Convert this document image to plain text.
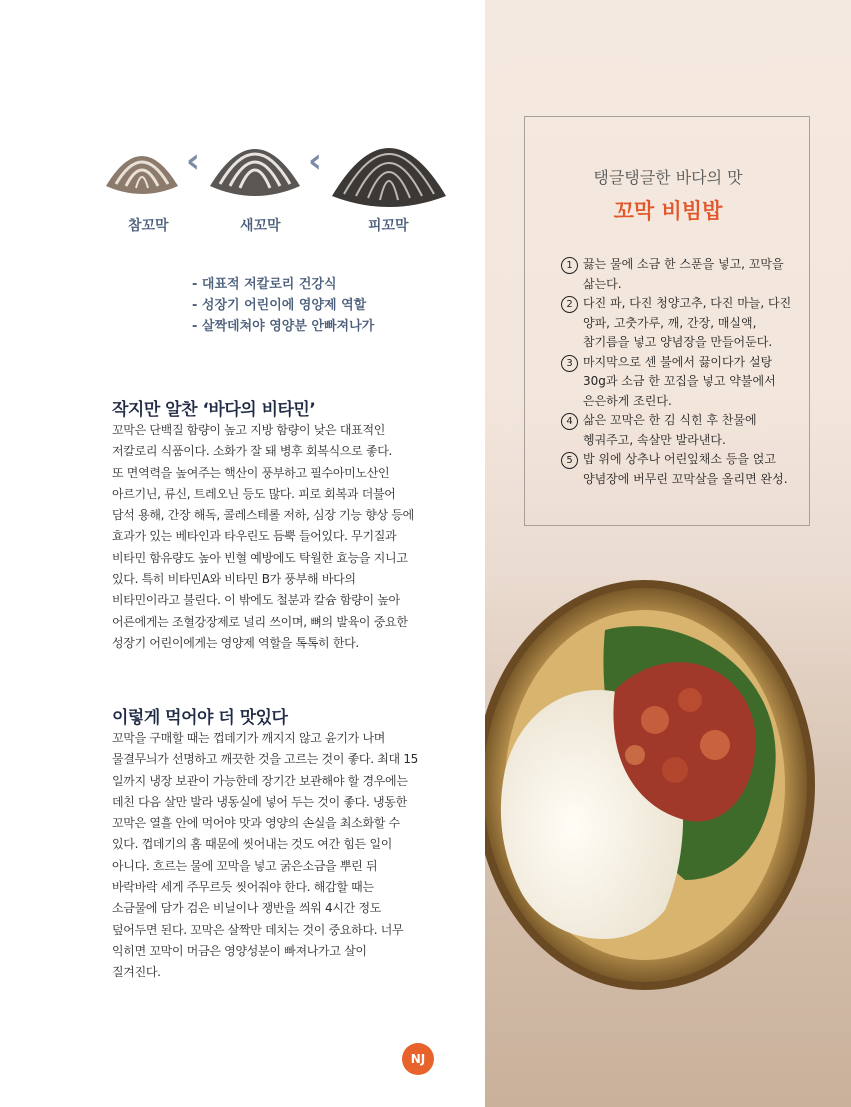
‹	‹
참꼬막	새꼬막	피꼬막
- 대표적 저칼로리 건강식
- 성장기 어린이에 영양제 역할
- 살짝데쳐야 영양분 안빠져나가
작지만 알찬 ‘바다의 비타민’
꼬막은 단백질 함량이 높고 지방 함량이 낮은 대표적인
저칼로리 식품이다. 소화가 잘 돼 병후 회복식으로 좋다.
또 면역력을 높여주는 핵산이 풍부하고 필수아미노산인
아르기닌, 류신, 트레오닌 등도 많다. 피로 회복과 더불어
담석 용해, 간장 해독, 콜레스테롤 저하, 심장 기능 향상 등에
효과가 있는 베타인과 타우린도 듬뿍 들어있다. 무기질과
비타민 함유량도 높아 빈혈 예방에도 탁월한 효능을 지니고
있다. 특히 비타민A와 비타민 B가 풍부해 바다의
비타민이라고 불린다. 이 밖에도 철분과 칼슘 함량이 높아
어른에게는 조혈강장제로 널리 쓰이며, 뼈의 발육이 중요한
성장기 어린이에게는 영양제 역할을 톡톡히 한다.
이렇게 먹어야 더 맛있다
꼬막을 구매할 때는 껍데기가 깨지지 않고 윤기가 나며
물결무늬가 선명하고 깨끗한 것을 고르는 것이 좋다. 최대 15
일까지 냉장 보관이 가능한데 장기간 보관해야 할 경우에는
데친 다음 살만 발라 냉동실에 넣어 두는 것이 좋다. 냉동한
꼬막은 열흘 안에 먹어야 맛과 영양의 손실을 최소화할 수
있다. 껍데기의 홈 때문에 씻어내는 것도 여간 힘든 일이
아니다. 흐르는 물에 꼬막을 넣고 굵은소금을 뿌린 뒤
바락바락 세게 주무르듯 씻어줘야 한다. 해감할 때는
소금물에 담가 검은 비닐이나 쟁반을 씌워 4시간 정도
덮어두면 된다. 꼬막은 살짝만 데치는 것이 중요하다. 너무
익히면 꼬막이 머금은 영양성분이 빠져나가고 살이
질겨진다.
탱글탱글한 바다의 맛
꼬막 비빔밥
1 끓는 물에 소금 한 스푼을 넣고, 꼬막을
삶는다.
2 다진 파, 다진 청양고추, 다진 마늘, 다진
양파, 고춧가루, 깨, 간장, 매실액,
참기름을 넣고 양념장을 만들어둔다.
3 마지막으로 센 불에서 끓이다가 설탕
30g과 소금 한 꼬집을 넣고 약불에서
은은하게 조린다.
4 삶은 꼬막은 한 김 식힌 후 찬물에
헹궈주고, 속살만 발라낸다.
5 밥 위에 상추나 어린잎채소 등을 얹고
양념장에 버무린 꼬막살을 올리면 완성.
NJ
